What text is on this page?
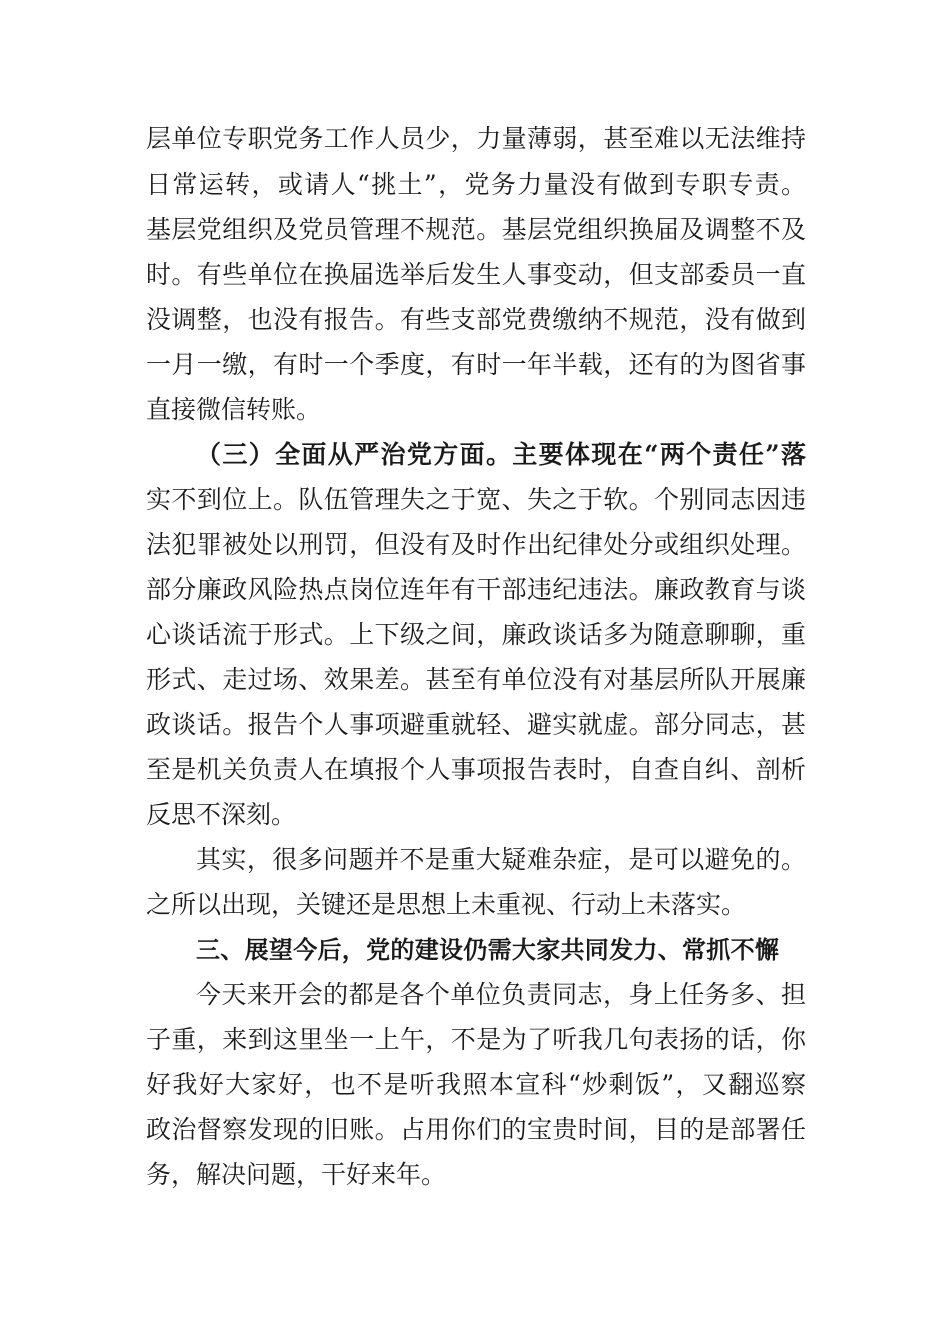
层单位专职党务工作人员少，力量薄弱，甚至难以无法维持
日常运转，或请人“挑土”，党务力量没有做到专职专责。
基层党组织及党员管理不规范。基层党组织换届及调整不及
时。有些单位在换届选举后发生人事变动，但支部委员一直
没调整，也没有报告。有些支部党费缴纳不规范，没有做到
一月一缴，有时一个季度，有时一年半载，还有的为图省事
直接微信转账。
（三）全面从严治党方面。主要体现在“两个责任”落
实不到位上。队伍管理失之于宽、失之于软。个别同志因违
法犯罪被处以刑罚，但没有及时作出纪律处分或组织处理。
部分廉政风险热点岗位连年有干部违纪违法。廉政教育与谈
心谈话流于形式。上下级之间，廉政谈话多为随意聊聊，重
形式、走过场、效果差。甚至有单位没有对基层所队开展廉
政谈话。报告个人事项避重就轻、避实就虚。部分同志，甚
至是机关负责人在填报个人事项报告表时，自查自纠、剖析
反思不深刻。
其实，很多问题并不是重大疑难杂症，是可以避免的。
之所以出现，关键还是思想上未重视、行动上未落实。
三、展望今后，党的建设仍需大家共同发力、常抓不懈
今天来开会的都是各个单位负责同志，身上任务多、担
子重，来到这里坐一上午，不是为了听我几句表扬的话，你
好我好大家好，也不是听我照本宣科“炒剩饭”，又翻巡察
政治督察发现的旧账。占用你们的宝贵时间，目的是部署任
务，解决问题，干好来年。
